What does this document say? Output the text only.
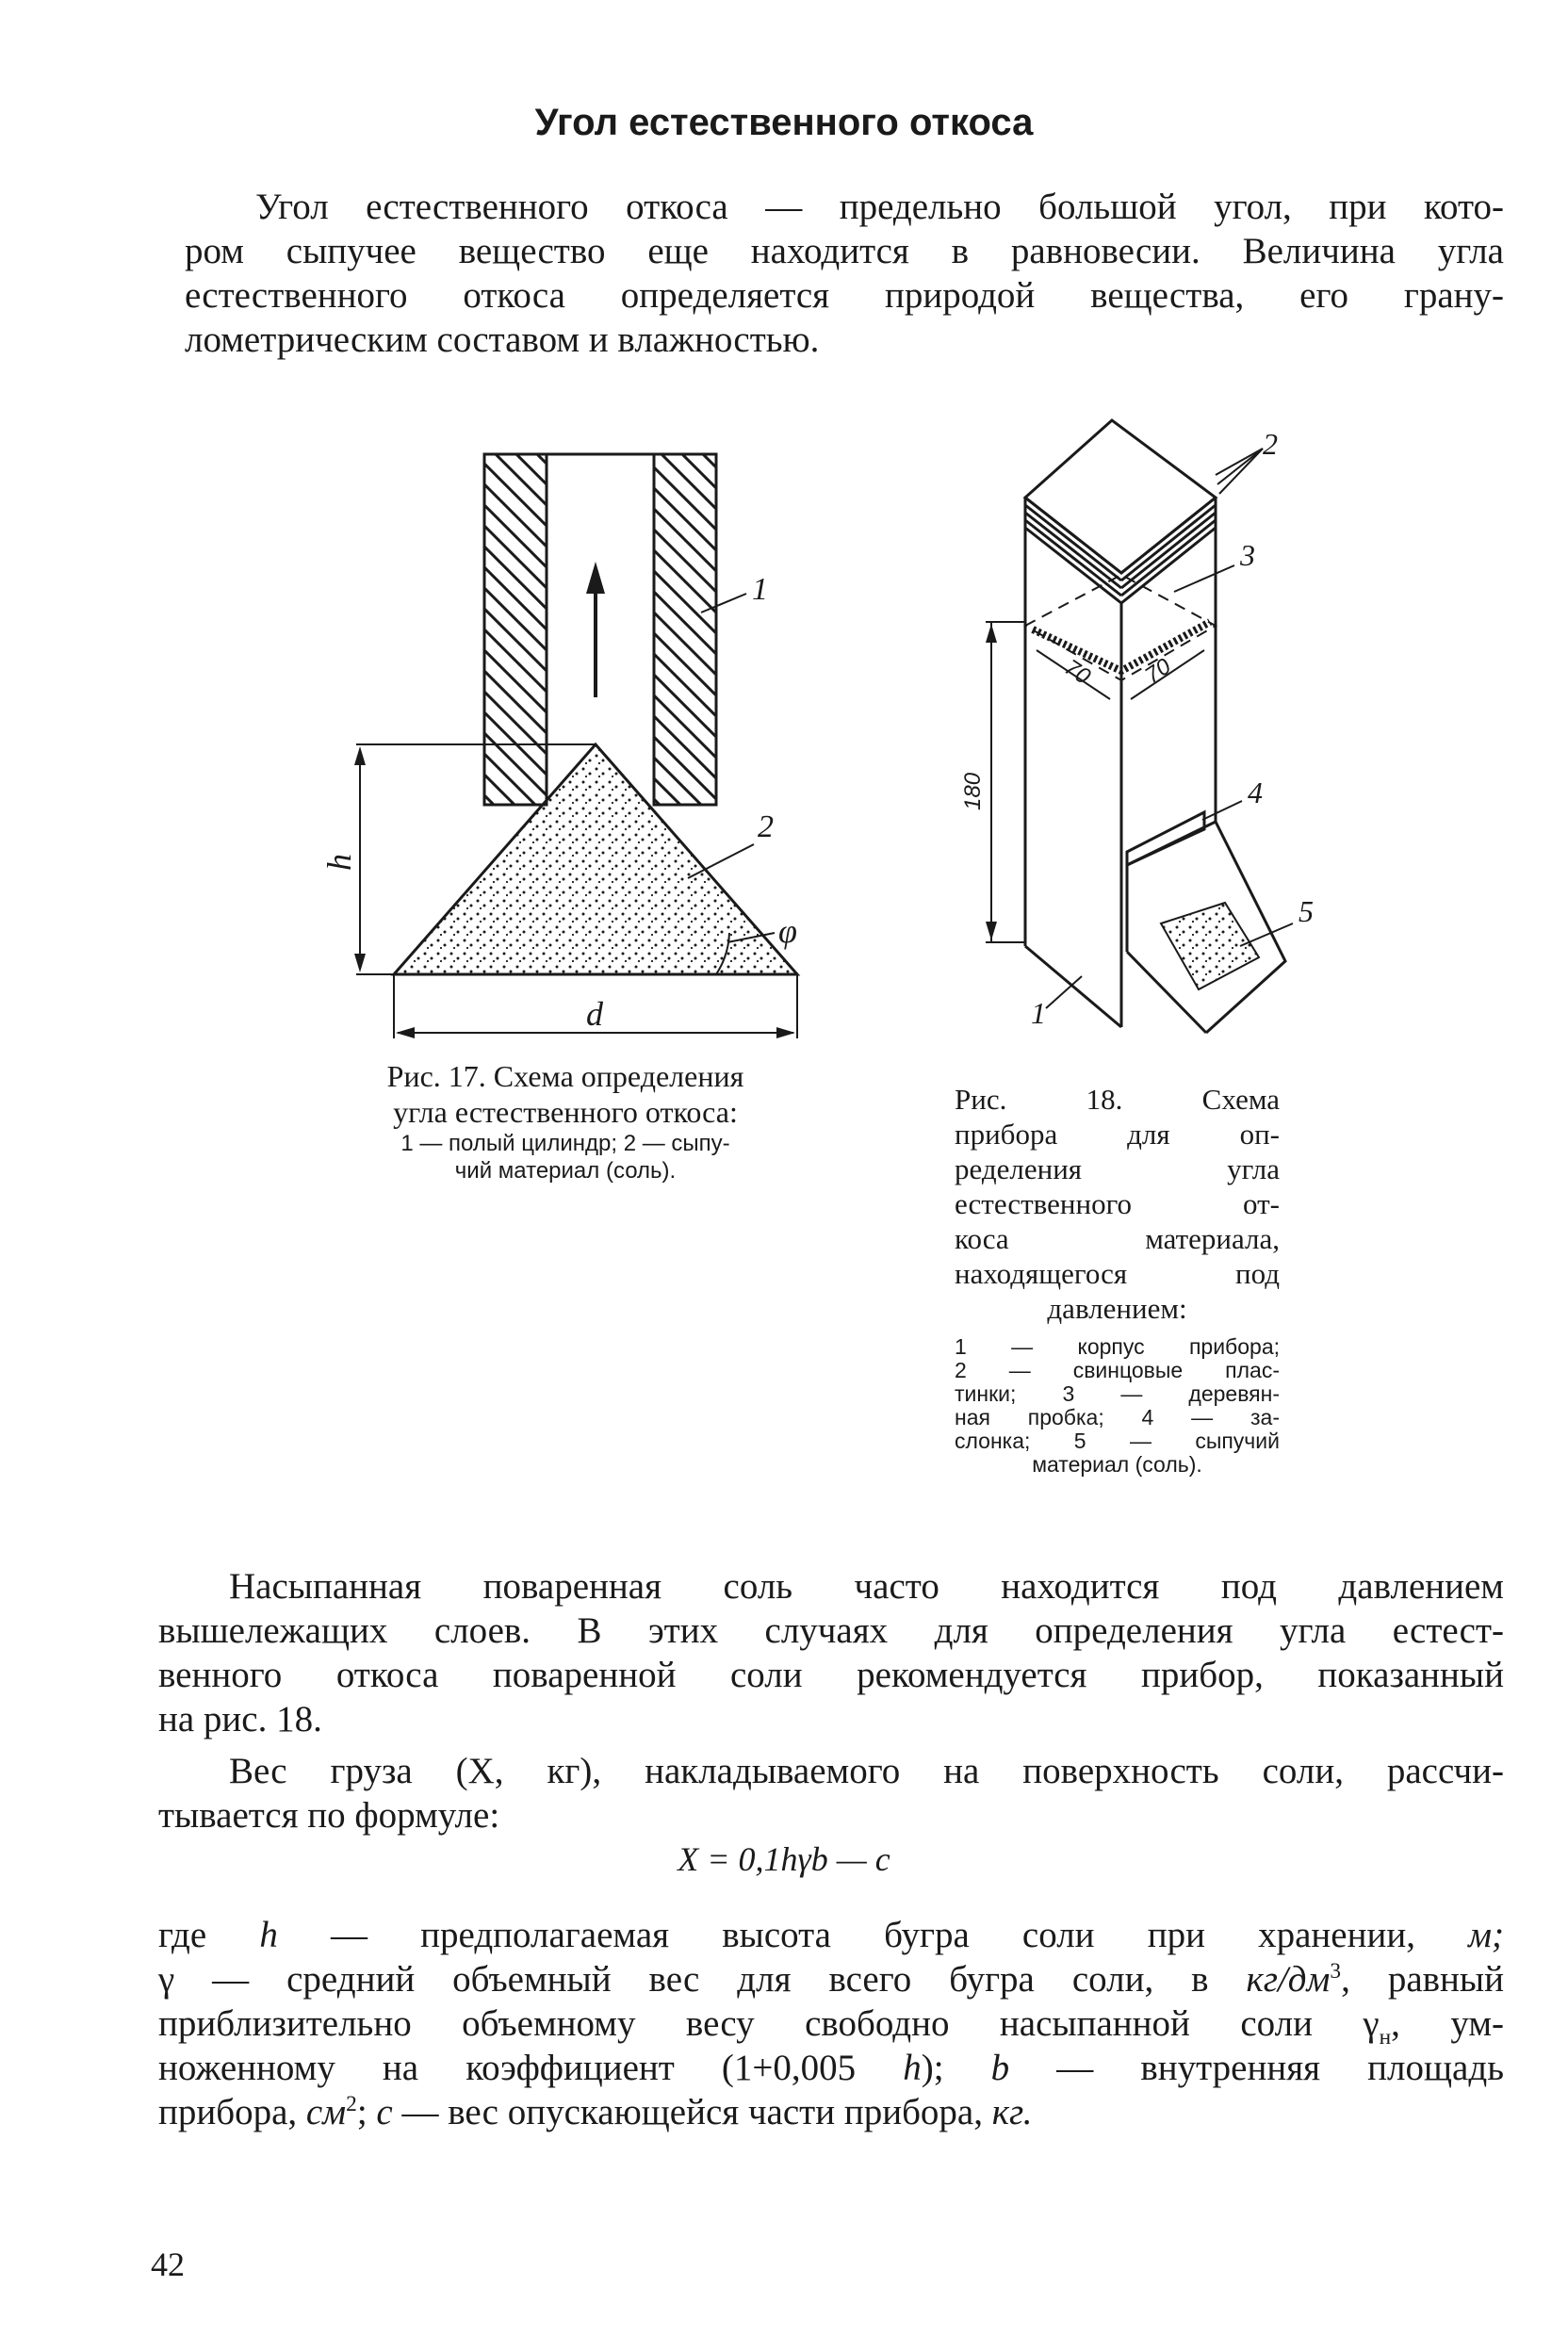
Угол естественного откоса
Угол естественного откоса — предельно большой угол, при кото-
ром сыпучее вещество еще находится в равновесии. Величина угла
естественного откоса определяется природой вещества, его грану-
лометрическим составом и влажностью.
1
2
φ
h
d
2
3
4
5
1
180
70 70
Рис. 17. Схема определения
угла естественного откоса:
1 — полый цилиндр; 2 — сыпу-
чий материал (соль).
Рис. 18. Схема
прибора для оп-
ределения угла
естественного от-
коса материала,
находящегося под
давлением:
1 — корпус прибора;
2 — свинцовые плас-
тинки; 3 — деревян-
ная пробка; 4 — за-
слонка; 5 — сыпучий
материал (соль).
Насыпанная поваренная соль часто находится под давлением
вышележащих слоев. В этих случаях для определения угла естест-
венного откоса поваренной соли рекомендуется прибор, показанный
на рис. 18.
Вес груза (X, кг), накладываемого на поверхность соли, рассчи-
тывается по формуле:
X = 0,1hγb — c
где h — предполагаемая высота бугра соли при хранении, м;
γ — средний объемный вес для всего бугра соли, в $кг/дм^3$, равный
приблизительно объемному весу свободно насыпанной соли $\gamma_н$, ум-
ноженному на коэффициент (1+0,005 h); b — внутренняя площадь
прибора, $см^2$; c — вес опускающейся части прибора, кг.
42
